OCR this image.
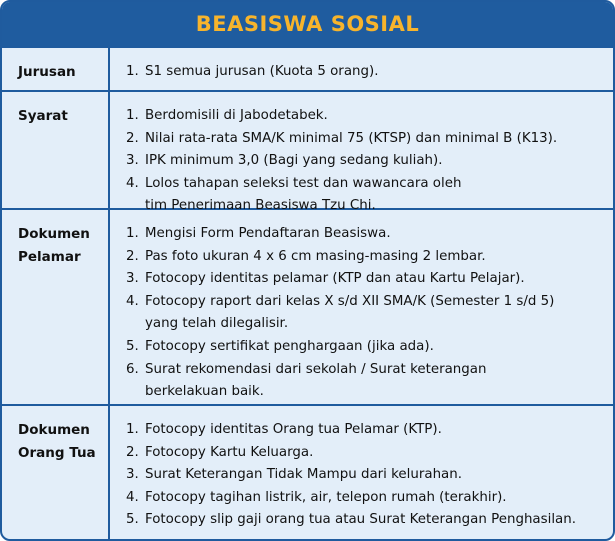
BEASISWA SOSIAL
Jurusan	1. S1 semua jurusan (Kuota 5 orang).
Syarat	1. Berdomisili di Jabodetabek.
2. Nilai rata-rata SMA/K minimal 75 (KTSP) dan minimal B (K13).
3. IPK minimum 3,0 (Bagi yang sedang kuliah).
4. Lolos tahapan seleksi test dan wawancara oleh
tim Penerimaan Beasiswa Tzu Chi.
Dokumen
Pelamar
1. Mengisi Form Pendaftaran Beasiswa.
2. Pas foto ukuran 4 x 6 cm masing-masing 2 lembar.
3. Fotocopy identitas pelamar (KTP dan atau Kartu Pelajar).
4. Fotocopy raport dari kelas X s/d XII SMA/K (Semester 1 s/d 5)
yang telah dilegalisir.
5. Fotocopy sertifikat penghargaan (jika ada).
6. Surat rekomendasi dari sekolah / Surat keterangan
berkelakuan baik.
Dokumen
Orang Tua
1. Fotocopy identitas Orang tua Pelamar (KTP).
2. Fotocopy Kartu Keluarga.
3. Surat Keterangan Tidak Mampu dari kelurahan.
4. Fotocopy tagihan listrik, air, telepon rumah (terakhir).
5. Fotocopy slip gaji orang tua atau Surat Keterangan Penghasilan.
